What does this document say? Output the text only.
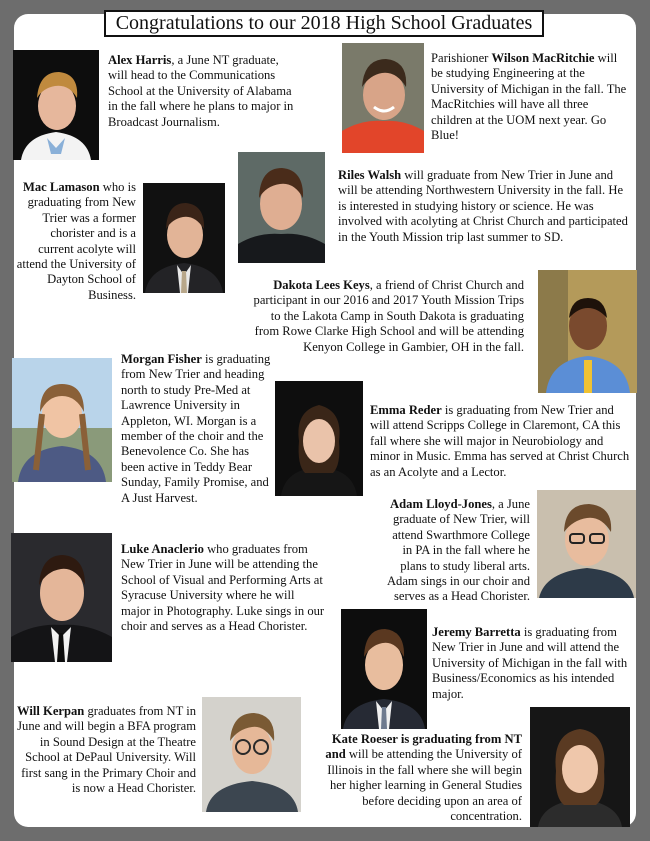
Congratulations to our 2018 High School Graduates

Alex Harris, a June NT graduate, will head to the Communications School at the University of Alabama in the fall where he plans to major in Broadcast Journalism.

Parishioner Wilson MacRitchie will be studying Engineering at the University of Michigan in the fall. The MacRitchies will have all three children at the UOM next year. Go Blue!

Mac Lamason who is graduating from New Trier was a former chorister and is a current acolyte will attend the University of Dayton School of Business.

Riles Walsh will graduate from New Trier in June and will be attending Northwestern University in the fall. He is interested in studying history or science. He was involved with acolyting at Christ Church and participated in the Youth Mission trip last summer to SD.

Dakota Lees Keys, a friend of Christ Church and participant in our 2016 and 2017 Youth Mission Trips to the Lakota Camp in South Dakota is graduating from Rowe Clarke High School and will be attending Kenyon College in Gambier, OH in the fall.

Morgan Fisher is graduating from New Trier and heading north to study Pre-Med at Lawrence University in Appleton, WI. Morgan is a member of the choir and the Benevolence Co. She has been active in Teddy Bear Sunday, Family Promise, and A Just Harvest.

Emma Reder is graduating from New Trier and will attend Scripps College in Claremont, CA this fall where she will major in Neurobiology and minor in Music. Emma has served at Christ Church as an Acolyte and a Lector.

Adam Lloyd-Jones, a June graduate of New Trier, will attend Swarthmore College in PA in the fall where he plans to study liberal arts. Adam sings in our choir and serves as a Head Chorister.

Luke Anaclerio who graduates from New Trier in June will be attending the School of Visual and Performing Arts at Syracuse University where he will major in Photography. Luke sings in our choir and serves as a Head Chorister.	Jeremy Barretta is graduating from New Trier in June and will attend the University of Michigan in the fall with Business/Economics as his intended major.

Will Kerpan graduates from NT in June and will begin a BFA program in Sound Design at the Theatre School at DePaul University. Will first sang in the Primary Choir and is now a Head Chorister.

Kate Roeser is graduating from NT and will be attending the University of Illinois in the fall where she will begin her higher learning in General Studies before deciding upon an area of concentration.
